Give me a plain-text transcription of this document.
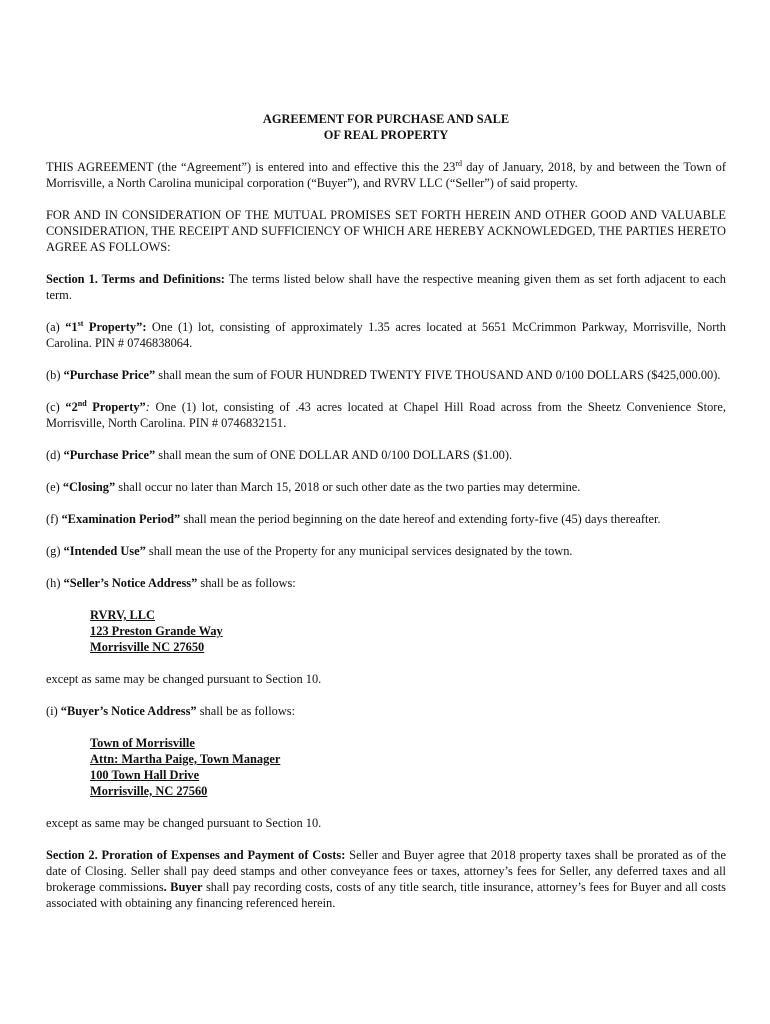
AGREEMENT FOR PURCHASE AND SALE
OF REAL PROPERTY

THIS AGREEMENT (the “Agreement”) is entered into and effective this the 23rd day of January, 2018, by and between the Town of Morrisville, a North Carolina municipal corporation (“Buyer”), and RVRV LLC (“Seller”) of said property.

FOR AND IN CONSIDERATION OF THE MUTUAL PROMISES SET FORTH HEREIN AND OTHER GOOD AND VALUABLE CONSIDERATION, THE RECEIPT AND SUFFICIENCY OF WHICH ARE HEREBY ACKNOWLEDGED, THE PARTIES HERETO AGREE AS FOLLOWS:

Section 1. Terms and Definitions: The terms listed below shall have the respective meaning given them as set forth adjacent to each term.

(a) “1st Property”: One (1) lot, consisting of approximately 1.35 acres located at 5651 McCrimmon Parkway, Morrisville, North Carolina. PIN # 0746838064.

(b) “Purchase Price” shall mean the sum of FOUR HUNDRED TWENTY FIVE THOUSAND AND 0/100 DOLLARS ($425,000.00).

(c) “2nd Property”: One (1) lot, consisting of .43 acres located at Chapel Hill Road across from the Sheetz Convenience Store, Morrisville, North Carolina. PIN # 0746832151.

(d) “Purchase Price” shall mean the sum of ONE DOLLAR AND 0/100 DOLLARS ($1.00).

(e) “Closing” shall occur no later than March 15, 2018 or such other date as the two parties may determine.

(f) “Examination Period” shall mean the period beginning on the date hereof and extending forty-five (45) days thereafter.

(g) “Intended Use” shall mean the use of the Property for any municipal services designated by the town.

(h) “Seller’s Notice Address” shall be as follows:

RVRV, LLC
123 Preston Grande Way
Morrisville NC 27650

except as same may be changed pursuant to Section 10.

(i) “Buyer’s Notice Address” shall be as follows:

Town of Morrisville
Attn: Martha Paige, Town Manager
100 Town Hall Drive
Morrisville, NC 27560

except as same may be changed pursuant to Section 10.

Section 2. Proration of Expenses and Payment of Costs: Seller and Buyer agree that 2018 property taxes shall be prorated as of the date of Closing. Seller shall pay deed stamps and other conveyance fees or taxes, attorney’s fees for Seller, any deferred taxes and all brokerage commissions. Buyer shall pay recording costs, costs of any title search, title insurance, attorney’s fees for Buyer and all costs associated with obtaining any financing referenced herein.
